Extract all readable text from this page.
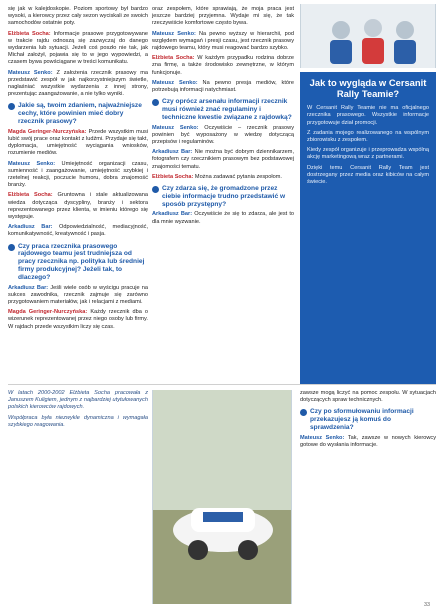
się jak w kalejdoskopie. Poziom sportowy był bardzo wysoki, a kierowcy przez cały sezon wyciskali ze swoich samochodów ostatnie poty.
Elżbieta Socha: Informacje prasowe przygotowywane w trakcie rajdu odnoszą się zazwyczaj do danego wydarzenia lub sytuacji. Jeżeli coś poszło nie tak, jak Michał założył, pojawia się to w jego wypowiedzi, a czasem bywa powściągane w treści komunikatu.
Mateusz Senko: Z założenia rzecznik prasowy ma przedstawić zespół w jak najkorzystniejszym świetle, nagłaśniać wszystkie wydarzenia z innej strony, prezentując zaangażowanie, a nie tylko wyniki.
Jakie są, twoim zdaniem, najważniejsze cechy, które powinien mieć dobry rzecznik prasowy?
Magda Geringer-Nurczyńska: Przede wszystkim musi lubić swój prace oraz kontakt z ludźmi. Przydaje się takt, dyplomacja, umiejętność wyciągania wniosków, rozumienie mediów.
Mateusz Senko: Umiejętność organizacji czasu, sumienność i zaangażowanie, umiejętność szybkiej i rzetelnej reakcji, poczucie humoru, dobra znajomość branży.
Elżbieta Socha: Gruntowna i stale aktualizowana wiedza dotycząca dyscypliny, branży i sektora reprezentowanego przez klienta, w imieniu którego się występuje.
Arkadiusz Bar: Odpowiedzialność, mediacyjność, komunikatywność, kreatywność i pasja.
Czy praca rzecznika prasowego rajdowego teamu jest trudniejsza od pracy rzecznika np. polityka lub średniej firmy produkcyjnej? Jeżeli tak, to dlaczego?
Arkadiusz Bar: Jeśli wiele osób w wyścigu pracuje na sukces zawodnika, rzecznik zajmuje się zarówno przygotowaniem materiałów, jak i relacjami z mediami.
Magda Geringer-Nurczyńska: Każdy rzecznik dba o wizerunek reprezentowanej przez niego osoby lub firmy. W rajdach przede wszystkim liczy się czas.
oraz zespołem, które sprawiają, że moja praca jest jeszcze bardziej przyjemna. Wydaje mi się, że tak rzeczywiście komfortowe często bywa.
Mateusz Senko: Na pewno wyższy w hierarchii, pod względem wymagań i presji czasu, jest rzecznik prasowy rajdowego teamu, który musi reagować bardzo szybko.
Elżbieta Socha: W każdym przypadku rodzina dobrze zna firmę, a także środowisko zewnętrzne, w którym funkcjonuje.
Mateusz Senko: Na pewno presja mediów, które potrzebują informacji natychmiast.
Czy oprócz arsenału informacji rzecznik musi również znać regulaminy i techniczne kwestie związane z rajdowką?
Mateusz Senko: Oczywiście – rzecznik prasowy powinien być wyposażony w wiedzę dotyczącą przepisów i regulaminów.
Arkadiusz Bar: Nie można być dobrym dziennikarzem, fotografem czy rzecznikiem prasowym bez podstawowej znajomości tematu.
Elżbieta Socha: Można zadawać pytania zespołom.
Czy zdarza się, że gromadzone przez ciebie informacje trudno przedstawić w sposób przystępny?
Arkadiusz Bar: Oczywiście że się to zdarza, ale jest to dla mnie wyzwanie.
Jak to wygląda w Cersanit Rally Teamie?
W Cersanit Rally Teamie nie ma oficjalnego rzecznika prasowego. Wszystkie informacje przygotowuje dział promocji.
Z zadania mojego realizowanego na wspólnym zbiorowisku z zespołem.
Kiedy zespół organizuje i przeprowadza wspólną akcję marketingową wraz z partnerami.
Dzięki temu Cersanit Rally Team jest dostrzegany przez media oraz kibiców na całym świecie.
W latach 2000-2002 Elżbieta Socha pracowała z Januszem Kuligiem, jednym z najbardziej utytułowanych polskich kierowców rajdowych.
Współpraca była niezwykle dynamiczna i wymagała szybkiego reagowania.
zawsze mogą liczyć na pomoc zespołu. W sytuacjach dotyczących spraw technicznych.
Czy po sformułowaniu informacji przekazujesz ją komuś do sprawdzenia?
Mateusz Senko: Tak, zawsze w nowych kierowcy gotowe do wysłania informacje.
33
